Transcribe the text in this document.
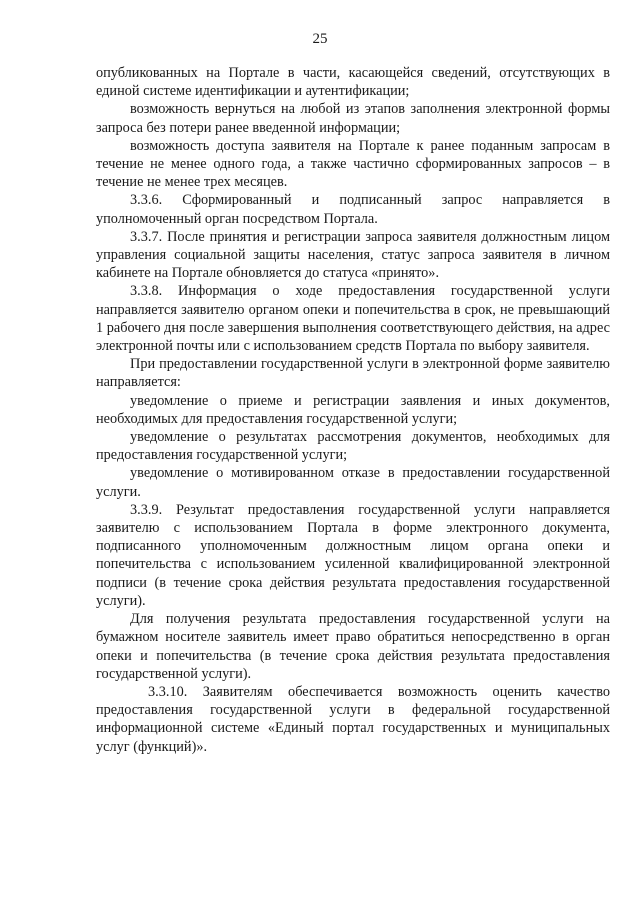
25

опубликованных на Портале в части, касающейся сведений, отсутствующих в единой системе идентификации и аутентификации;

возможность вернуться на любой из этапов заполнения электронной формы запроса без потери ранее введенной информации;

возможность доступа заявителя на Портале к ранее поданным запросам в течение не менее одного года, а также частично сформированных запросов – в течение не менее трех месяцев.

3.3.6. Сформированный и подписанный запрос направляется в уполномоченный орган посредством Портала.

3.3.7. После принятия и регистрации запроса заявителя должностным лицом управления социальной защиты населения, статус запроса заявителя в личном кабинете на Портале обновляется до статуса «принято».

3.3.8. Информация о ходе предоставления государственной услуги направляется заявителю органом опеки и попечительства в срок, не превышающий 1 рабочего дня после завершения выполнения соответствующего действия, на адрес электронной почты или с использованием средств Портала по выбору заявителя.

При предоставлении государственной услуги в электронной форме заявителю направляется:

уведомление о приеме и регистрации заявления и иных документов, необходимых для предоставления государственной услуги;

уведомление о результатах рассмотрения документов, необходимых для предоставления государственной услуги;

уведомление о мотивированном отказе в предоставлении государственной услуги.

3.3.9. Результат предоставления государственной услуги направляется заявителю с использованием Портала в форме электронного документа, подписанного уполномоченным должностным лицом органа опеки и попечительства с использованием усиленной квалифицированной электронной подписи (в течение срока действия результата предоставления государственной услуги).

Для получения результата предоставления государственной услуги на бумажном носителе заявитель имеет право обратиться непосредственно в орган опеки и попечительства (в течение срока действия результата предоставления государственной услуги).

3.3.10. Заявителям обеспечивается возможность оценить качество предоставления государственной услуги в федеральной государственной информационной системе «Единый портал государственных и муниципальных услуг (функций)».
